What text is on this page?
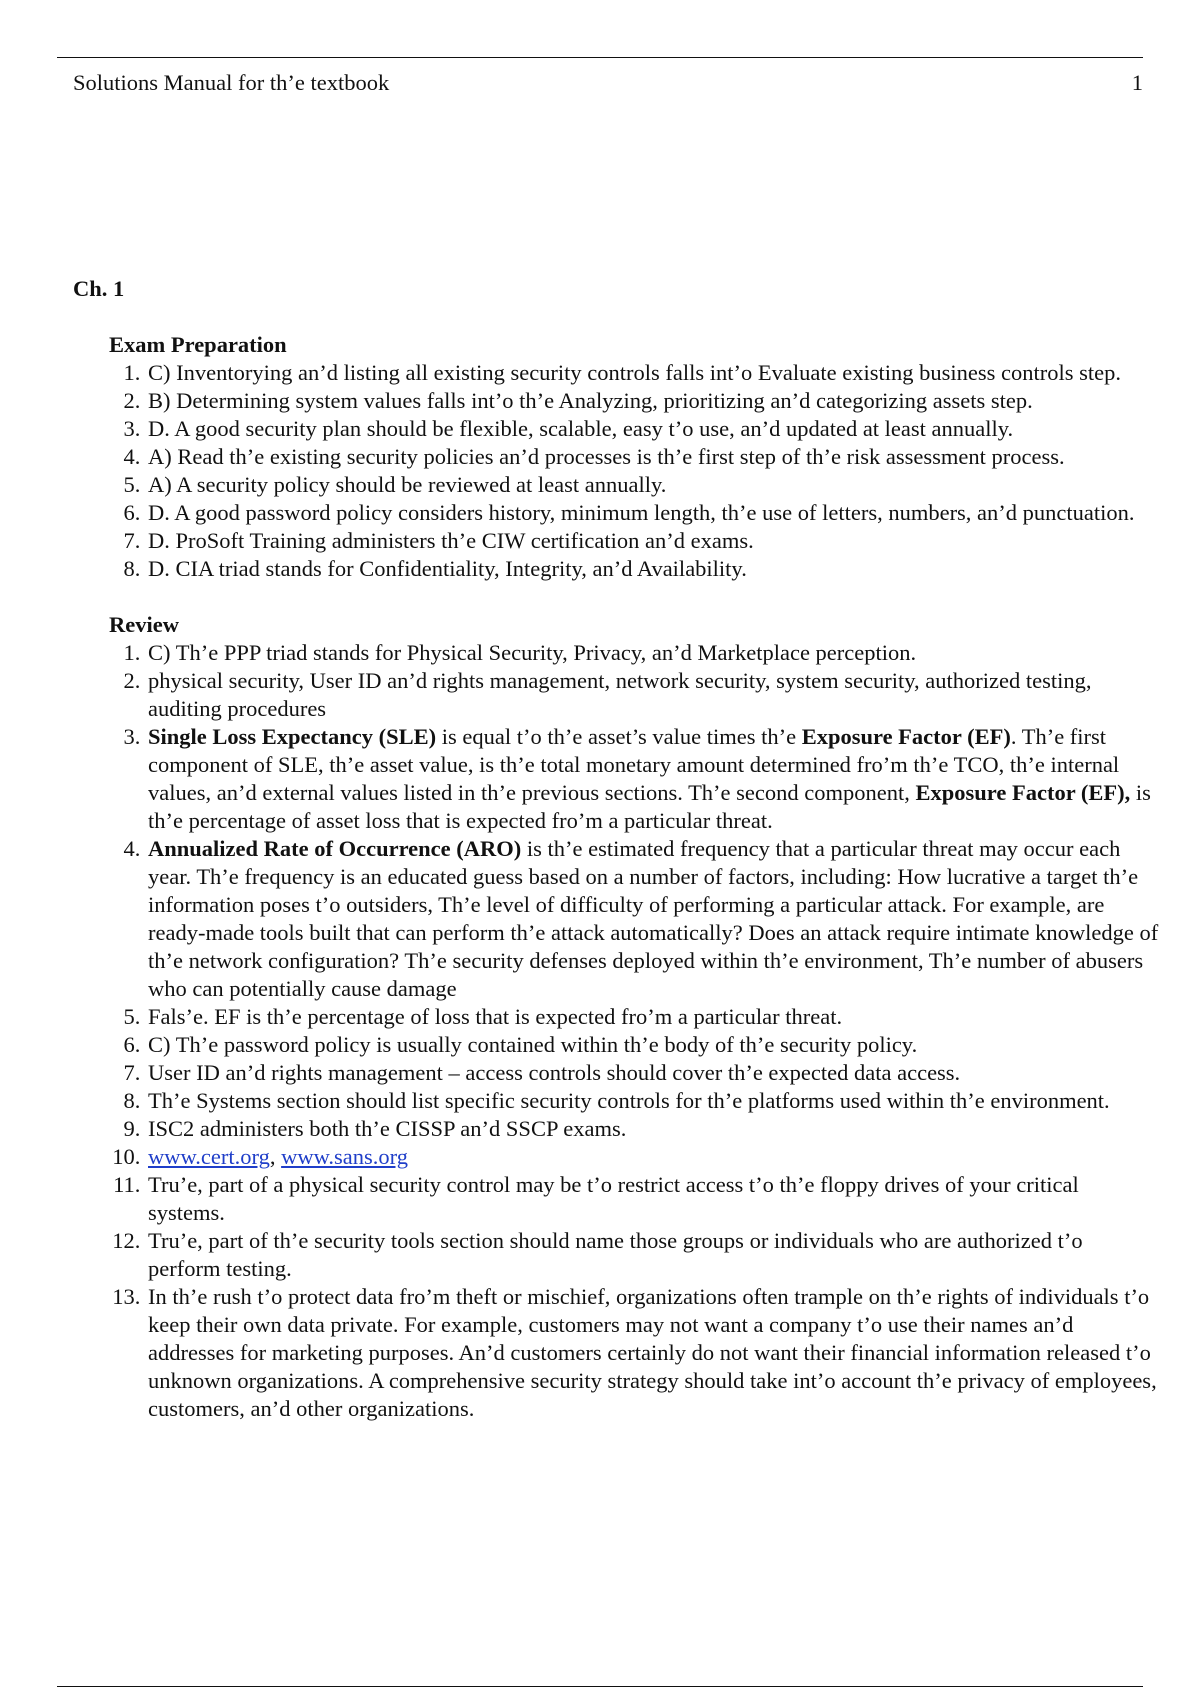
Solutions Manual for th’e textbook	1
Ch. 1

Exam Preparation

1. C) Inventorying an’d listing all existing security controls falls int’o Evaluate existing business controls step.
2. B) Determining system values falls int’o th’e Analyzing, prioritizing an’d categorizing assets step.
3. D. A good security plan should be flexible, scalable, easy t’o use, an’d updated at least annually.
4. A) Read th’e existing security policies an’d processes is th’e first step of th’e risk assessment process.
5. A) A security policy should be reviewed at least annually.
6. D. A good password policy considers history, minimum length, th’e use of letters, numbers, an’d punctuation.
7. D. ProSoft Training administers th’e CIW certification an’d exams.
8. D. CIA triad stands for Confidentiality, Integrity, an’d Availability.

Review

1. C) Th’e PPP triad stands for Physical Security, Privacy, an’d Marketplace perception.
2. physical security, User ID an’d rights management, network security, system security, authorized testing, auditing procedures
3. Single Loss Expectancy (SLE) is equal t’o th’e asset’s value times th’e Exposure Factor (EF). Th’e first component of SLE, th’e asset value, is th’e total monetary amount determined fro’m th’e TCO, th’e internal values, an’d external values listed in th’e previous sections. Th’e second component, Exposure Factor (EF), is th’e percentage of asset loss that is expected fro’m a particular threat.
4. Annualized Rate of Occurrence (ARO) is th’e estimated frequency that a particular threat may occur each year. Th’e frequency is an educated guess based on a number of factors, including: How lucrative a target th’e information poses t’o outsiders, Th’e level of difficulty of performing a particular attack. For example, are ready-made tools built that can perform th’e attack automatically? Does an attack require intimate knowledge of th’e network configuration? Th’e security defenses deployed within th’e environment, Th’e number of abusers who can potentially cause damage
5. Fals’e. EF is th’e percentage of loss that is expected fro’m a particular threat.
6. C) Th’e password policy is usually contained within th’e body of th’e security policy.
7. User ID an’d rights management – access controls should cover th’e expected data access.
8. Th’e Systems section should list specific security controls for th’e platforms used within th’e environment.
9. ISC2 administers both th’e CISSP an’d SSCP exams.
10. www.cert.org, www.sans.org
11. Tru’e, part of a physical security control may be t’o restrict access t’o th’e floppy drives of your critical systems.
12. Tru’e, part of th’e security tools section should name those groups or individuals who are authorized t’o perform testing.
13. In th’e rush t’o protect data fro’m theft or mischief, organizations often trample on th’e rights of individuals t’o keep their own data private. For example, customers may not want a company t’o use their names an’d addresses for marketing purposes. An’d customers certainly do not want their financial information released t’o unknown organizations. A comprehensive security strategy should take int’o account th’e privacy of employees, customers, an’d other organizations.
